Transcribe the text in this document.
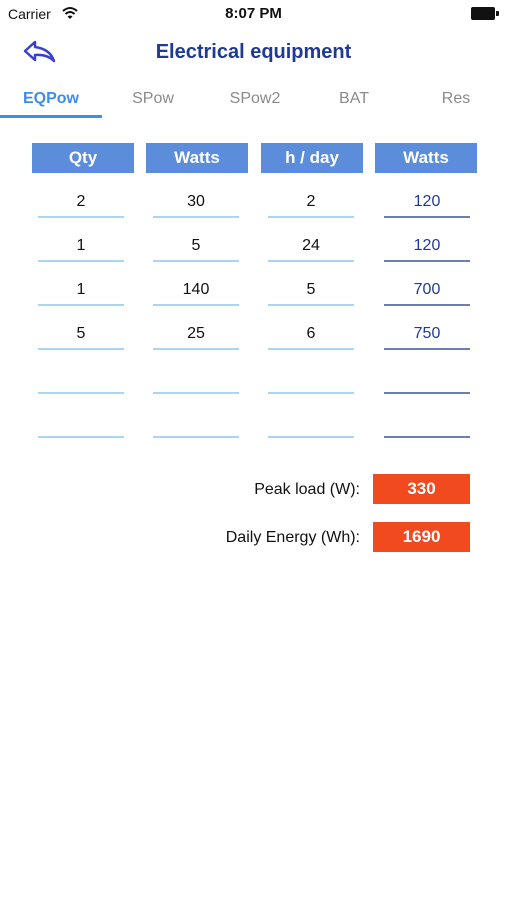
Carrier	8:07 PM
Electrical equipment
EQPow	SPow	SPow2	BAT	Res
Qty	Watts	h / day	Watts
2	30	2	120
1	5	24	120
1	140	5	700
5	25	6	750
Peak load (W):	330
Daily Energy (Wh):	1690
